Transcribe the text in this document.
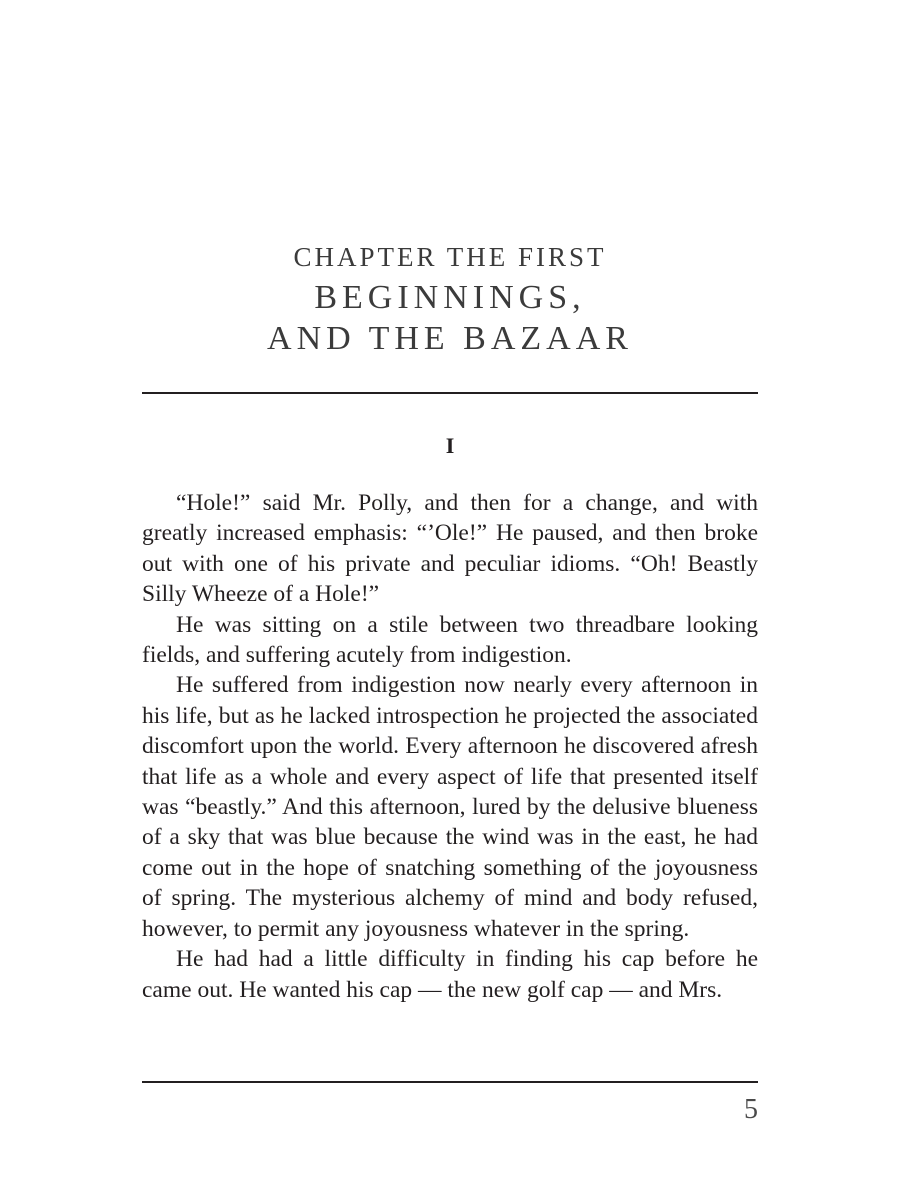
CHAPTER THE FIRST
BEGINNINGS,
AND THE BAZAAR
I

“Hole!” said Mr. Polly, and then for a change, and with greatly increased emphasis: “’Ole!” He paused, and then broke out with one of his private and peculiar idioms. “Oh! Beastly Silly Wheeze of a Hole!”

He was sitting on a stile between two threadbare looking fields, and suffering acutely from indigestion.

He suffered from indigestion now nearly every afternoon in his life, but as he lacked introspection he projected the associated discomfort upon the world. Every afternoon he discovered afresh that life as a whole and every aspect of life that presented itself was “beastly.” And this afternoon, lured by the delusive blueness of a sky that was blue because the wind was in the east, he had come out in the hope of snatching something of the joyousness of spring. The mysterious alchemy of mind and body refused, however, to permit any joyousness whatever in the spring.

He had had a little difficulty in finding his cap before he came out. He wanted his cap — the new golf cap — and Mrs.

5
